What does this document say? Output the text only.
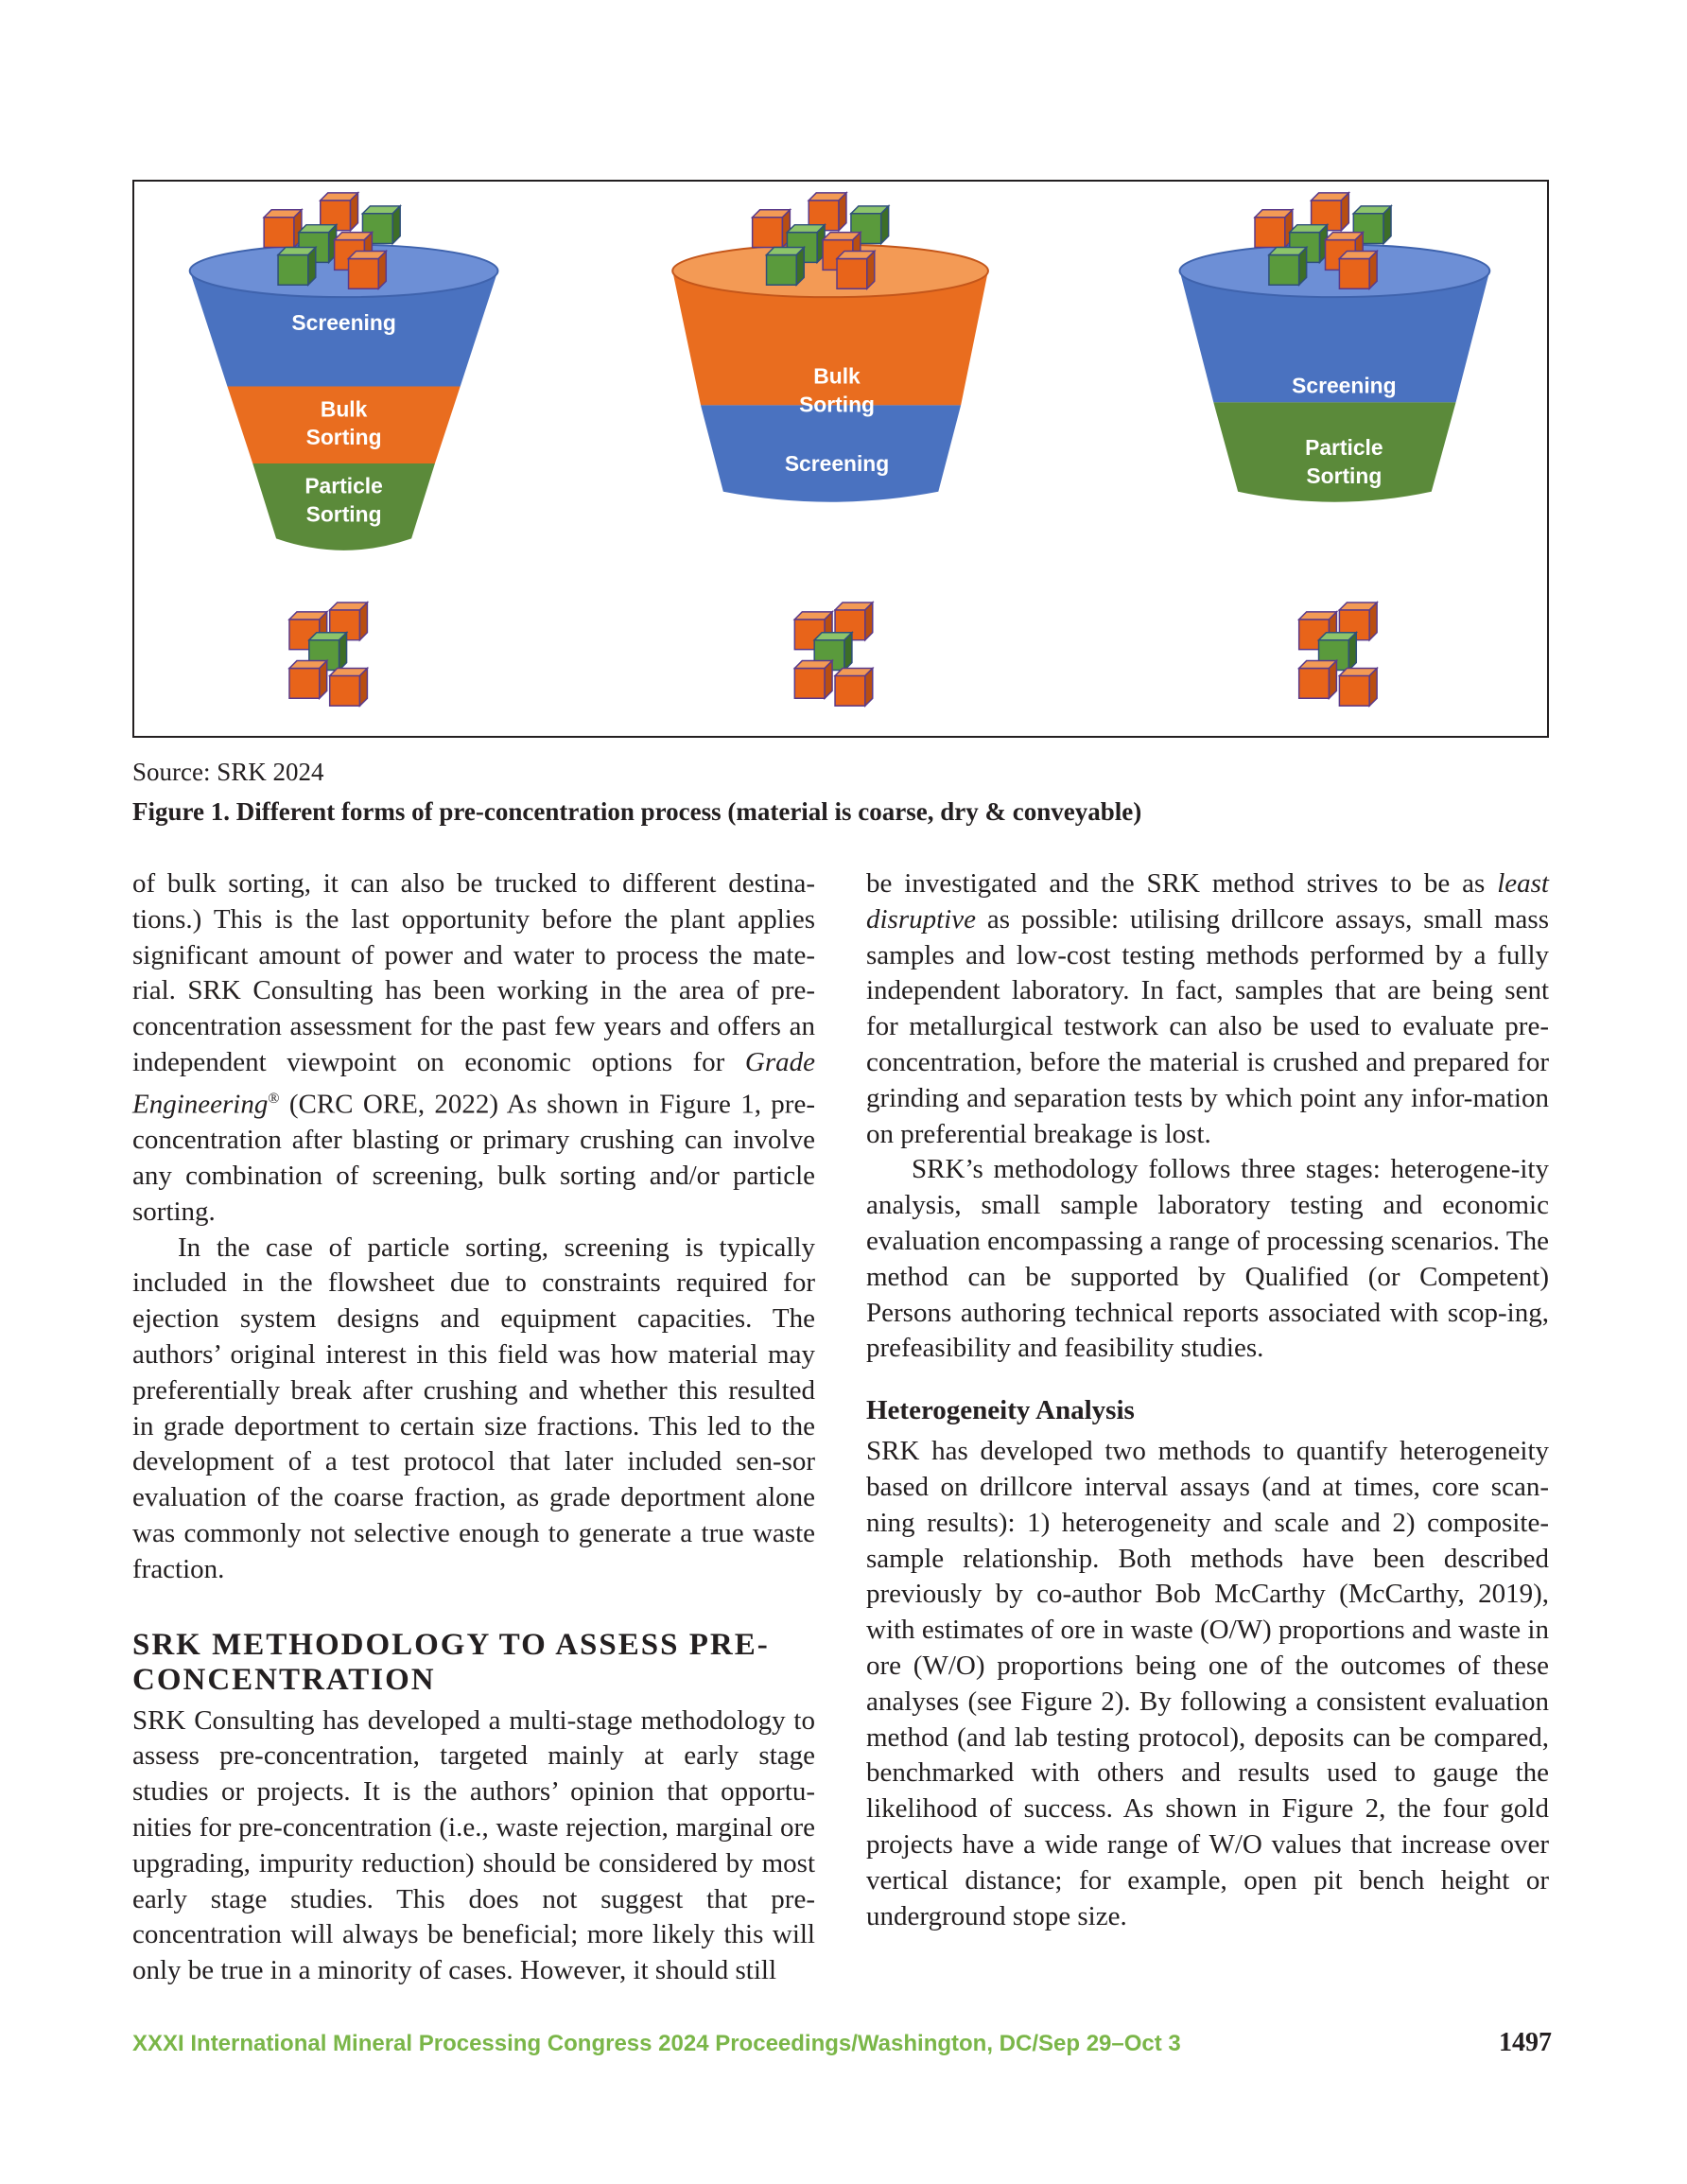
Screening
Bulk
Sorting
Particle
Sorting
Bulk
Sorting
Screening
Screening
Particle
Sorting
Source: SRK 2024
Figure 1. Different forms of pre-concentration process (material is coarse, dry & conveyable)

of bulk sorting, it can also be trucked to different destina-tions.) This is the last opportunity before the plant applies significant amount of power and water to process the mate-rial. SRK Consulting has been working in the area of pre-concentration assessment for the past few years and offers an independent viewpoint on economic options for Grade Engineering® (CRC ORE, 2022) As shown in Figure 1, pre-concentration after blasting or primary crushing can involve any combination of screening, bulk sorting and/or particle sorting.

In the case of particle sorting, screening is typically included in the flowsheet due to constraints required for ejection system designs and equipment capacities. The authors’ original interest in this field was how material may preferentially break after crushing and whether this resulted in grade deportment to certain size fractions. This led to the development of a test protocol that later included sen-sor evaluation of the coarse fraction, as grade deportment alone was commonly not selective enough to generate a true waste fraction.

SRK METHODOLOGY TO ASSESS PRE-CONCENTRATION

SRK Consulting has developed a multi-stage methodology to assess pre-concentration, targeted mainly at early stage studies or projects. It is the authors’ opinion that opportu-nities for pre-concentration (i.e., waste rejection, marginal ore upgrading, impurity reduction) should be considered by most early stage studies. This does not suggest that pre-concentration will always be beneficial; more likely this will only be true in a minority of cases. However, it should still

be investigated and the SRK method strives to be as least disruptive as possible: utilising drillcore assays, small mass samples and low-cost testing methods performed by a fully independent laboratory. In fact, samples that are being sent for metallurgical testwork can also be used to evaluate pre-concentration, before the material is crushed and prepared for grinding and separation tests by which point any infor-mation on preferential breakage is lost.

SRK’s methodology follows three stages: heterogene-ity analysis, small sample laboratory testing and economic evaluation encompassing a range of processing scenarios. The method can be supported by Qualified (or Competent) Persons authoring technical reports associated with scop-ing, prefeasibility and feasibility studies.

Heterogeneity Analysis

SRK has developed two methods to quantify heterogeneity based on drillcore interval assays (and at times, core scan-ning results): 1) heterogeneity and scale and 2) composite-sample relationship. Both methods have been described previously by co-author Bob McCarthy (McCarthy, 2019), with estimates of ore in waste (O/W) proportions and waste in ore (W/O) proportions being one of the outcomes of these analyses (see Figure 2). By following a consistent evaluation method (and lab testing protocol), deposits can be compared, benchmarked with others and results used to gauge the likelihood of success. As shown in Figure 2, the four gold projects have a wide range of W/O values that increase over vertical distance; for example, open pit bench height or underground stope size.

XXXI International Mineral Processing Congress 2024 Proceedings/Washington, DC/Sep 29–Oct 3	1497
